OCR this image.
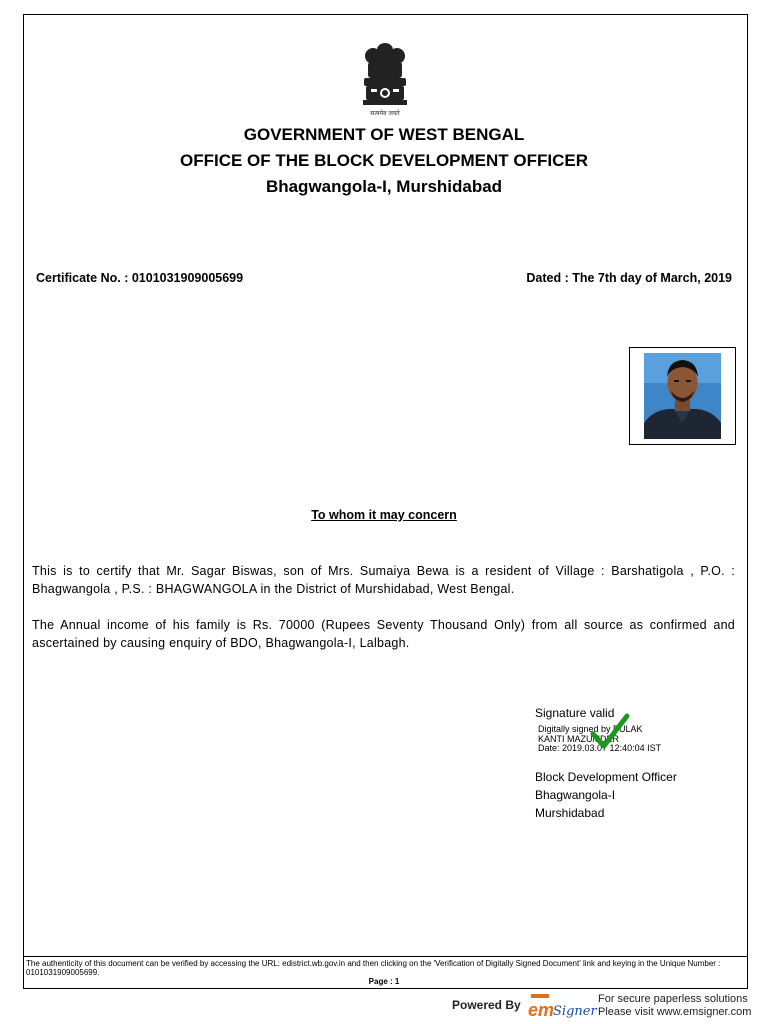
सत्यमेव जयते
GOVERNMENT OF WEST BENGAL
OFFICE OF THE BLOCK DEVELOPMENT OFFICER
Bhagwangola-I, Murshidabad
Certificate No. : 0101031909005699	Dated : The 7th day of March, 2019
To whom it may concern
This is to certify that Mr. Sagar Biswas, son of Mrs. Sumaiya Bewa is a resident of Village : Barshatigola , P.O. : Bhagwangola , P.S. : BHAGWANGOLA in the District of Murshidabad, West Bengal.
The Annual income of his family is Rs. 70000 (Rupees Seventy Thousand Only) from all source as confirmed and ascertained by causing enquiry of BDO, Bhagwangola-I, Lalbagh.
Signature valid
Digitally signed by PULAK
KANTI MAZUMDER
Date: 2019.03.07 12:40:04 IST
Block Development Officer
Bhagwangola-I
Murshidabad
The authenticity of this document can be verified by accessing the URL: edistrict.wb.gov.in and then clicking on the 'Verification of Digitally Signed Document' link and keying in the Unique Number : 0101031909005699.
Page : 1
Powered By em
Signer
For secure paperless solutions
Please visit www.emsigner.com
